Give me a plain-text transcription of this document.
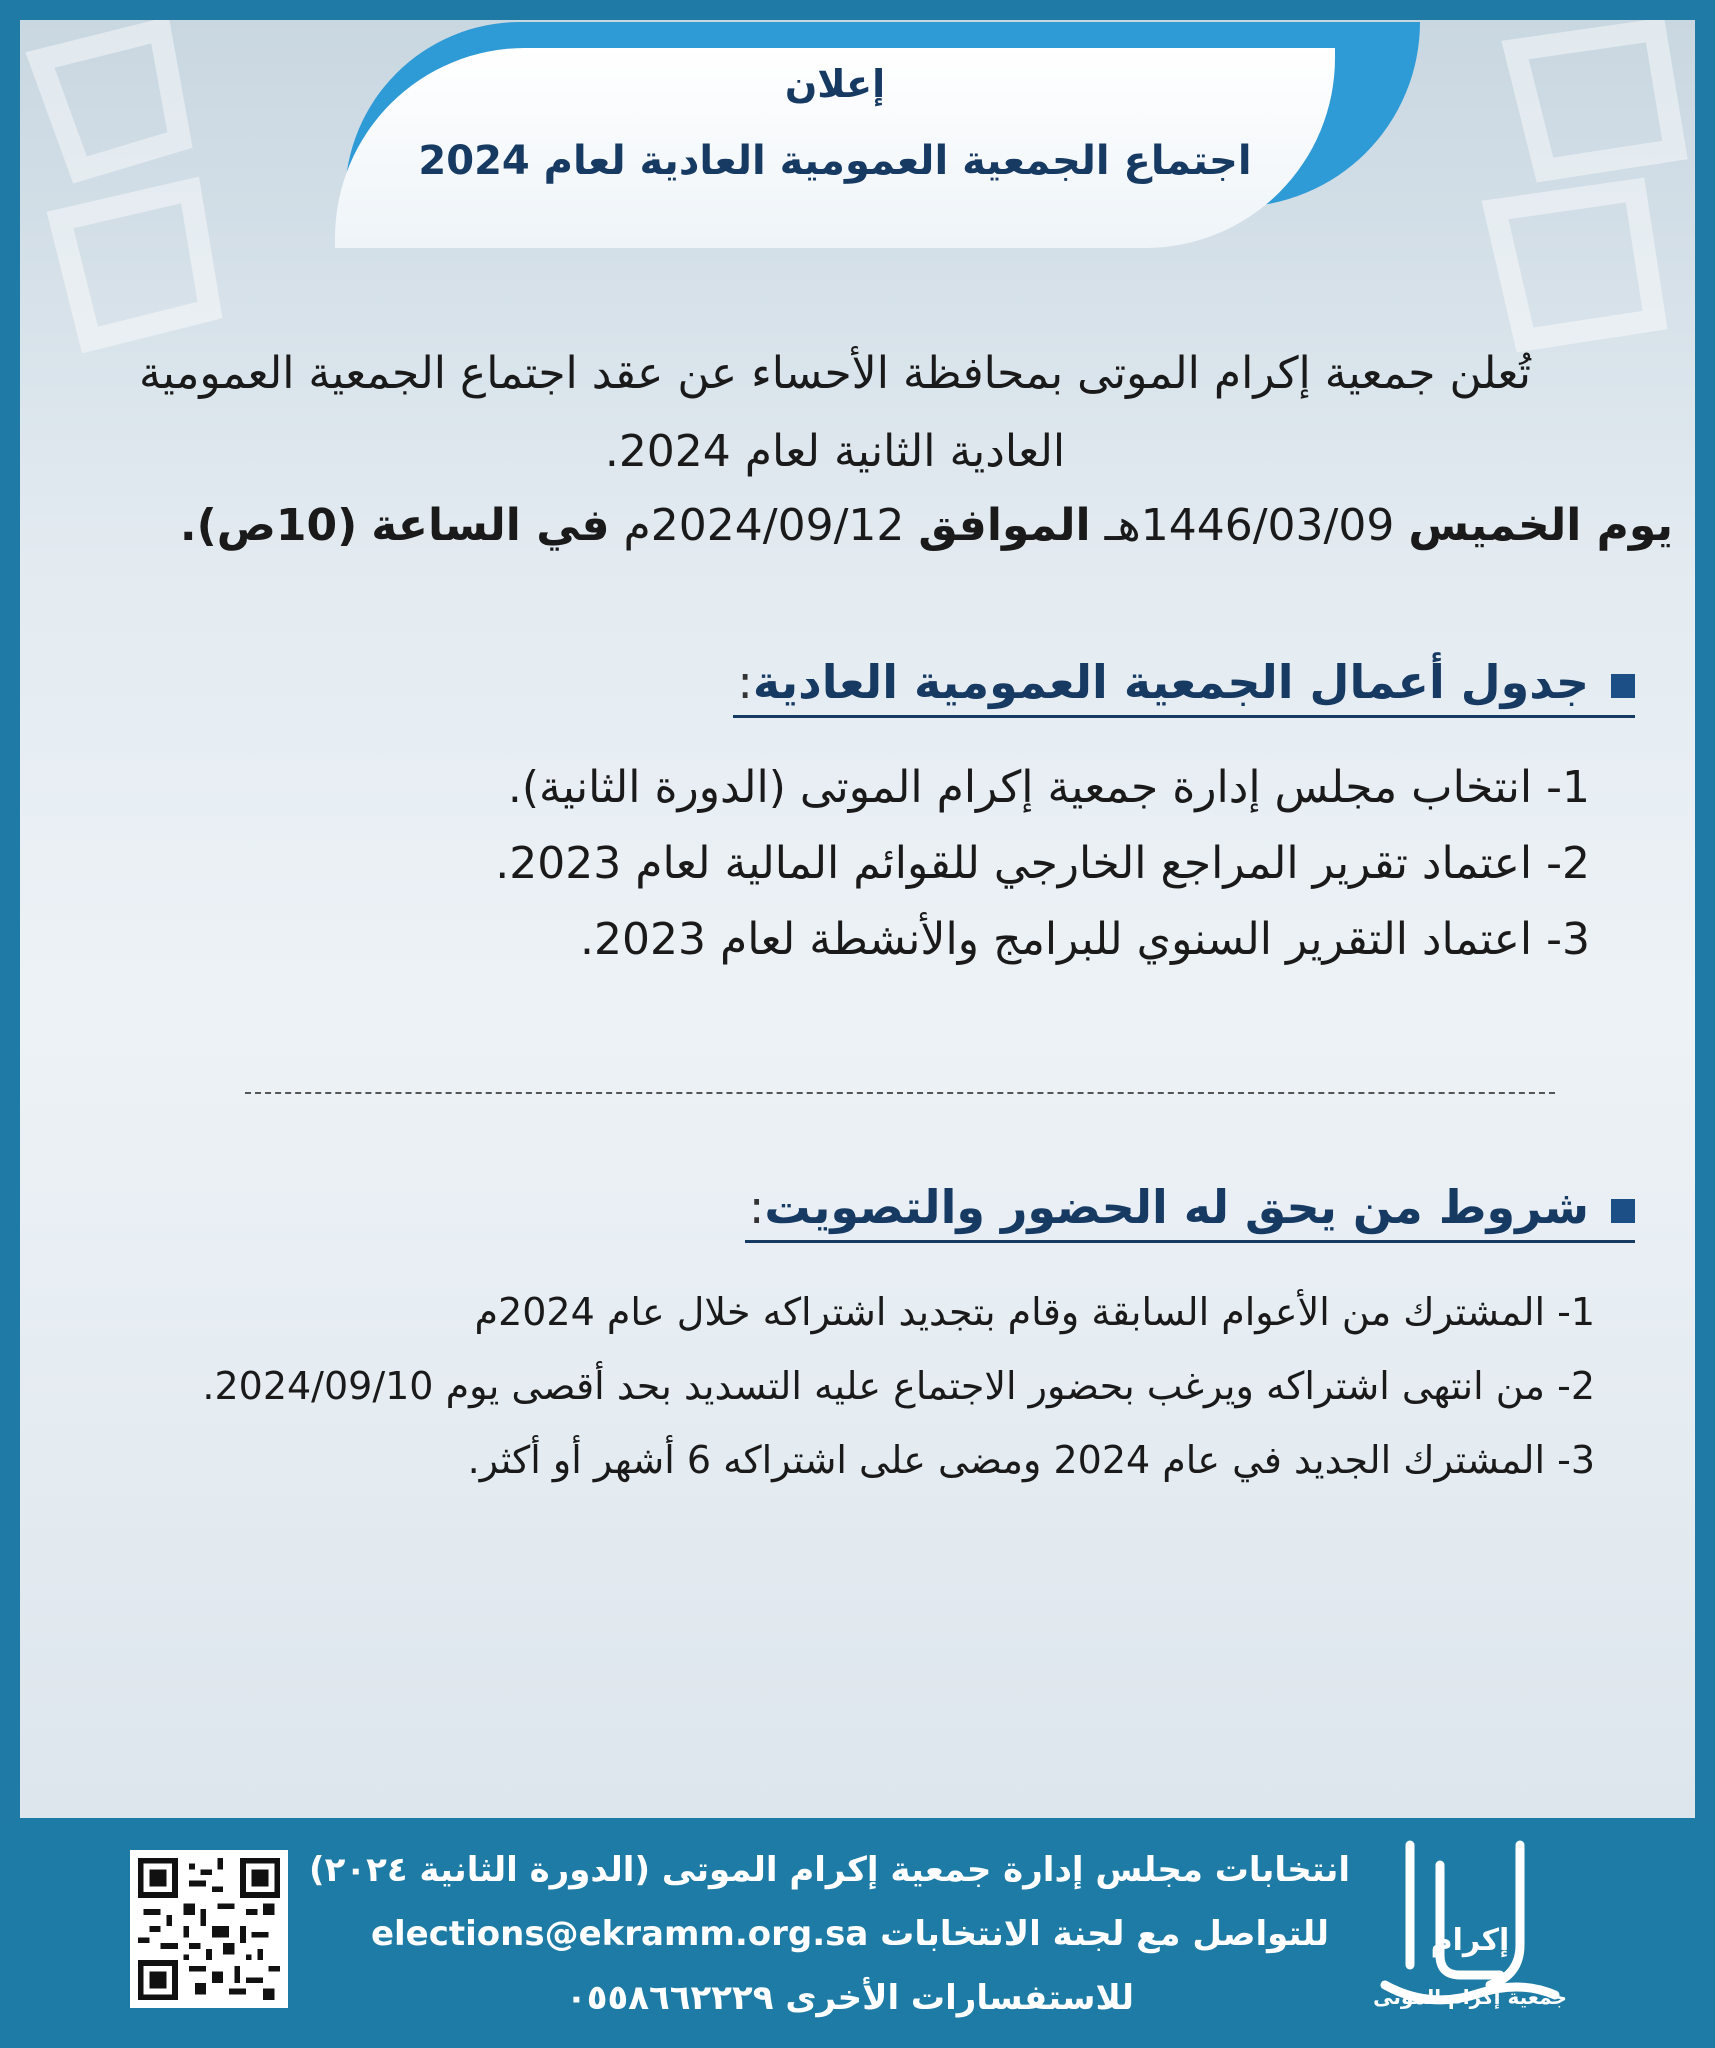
إعلان
اجتماع الجمعية العمومية العادية لعام 2024
تُعلن جمعية إكرام الموتى بمحافظة الأحساء عن عقد اجتماع الجمعية العمومية العادية الثانية لعام 2024.
يوم الخميس 1446/03/09هـ الموافق 2024/09/12م في الساعة (10ص).
جدول أعمال الجمعية العمومية العادية:
1- انتخاب مجلس إدارة جمعية إكرام الموتى (الدورة الثانية).
2- اعتماد تقرير المراجع الخارجي للقوائم المالية لعام 2023.
3- اعتماد التقرير السنوي للبرامج والأنشطة لعام 2023.
شروط من يحق له الحضور والتصويت:
1- المشترك من الأعوام السابقة وقام بتجديد اشتراكه خلال عام 2024م
2- من انتهى اشتراكه ويرغب بحضور الاجتماع عليه التسديد بحد أقصى يوم 2024/09/10.
3- المشترك الجديد في عام 2024 ومضى على اشتراكه 6 أشهر أو أكثر.
انتخابات مجلس إدارة جمعية إكرام الموتى (الدورة الثانية ٢٠٢٤)
للتواصل مع لجنة الانتخابات elections@ekramm.org.sa
للاستفسارات الأخرى ٠٥٥٨٦٦٢٢٢٩
إكرام
جمعية إكرام الموتى
